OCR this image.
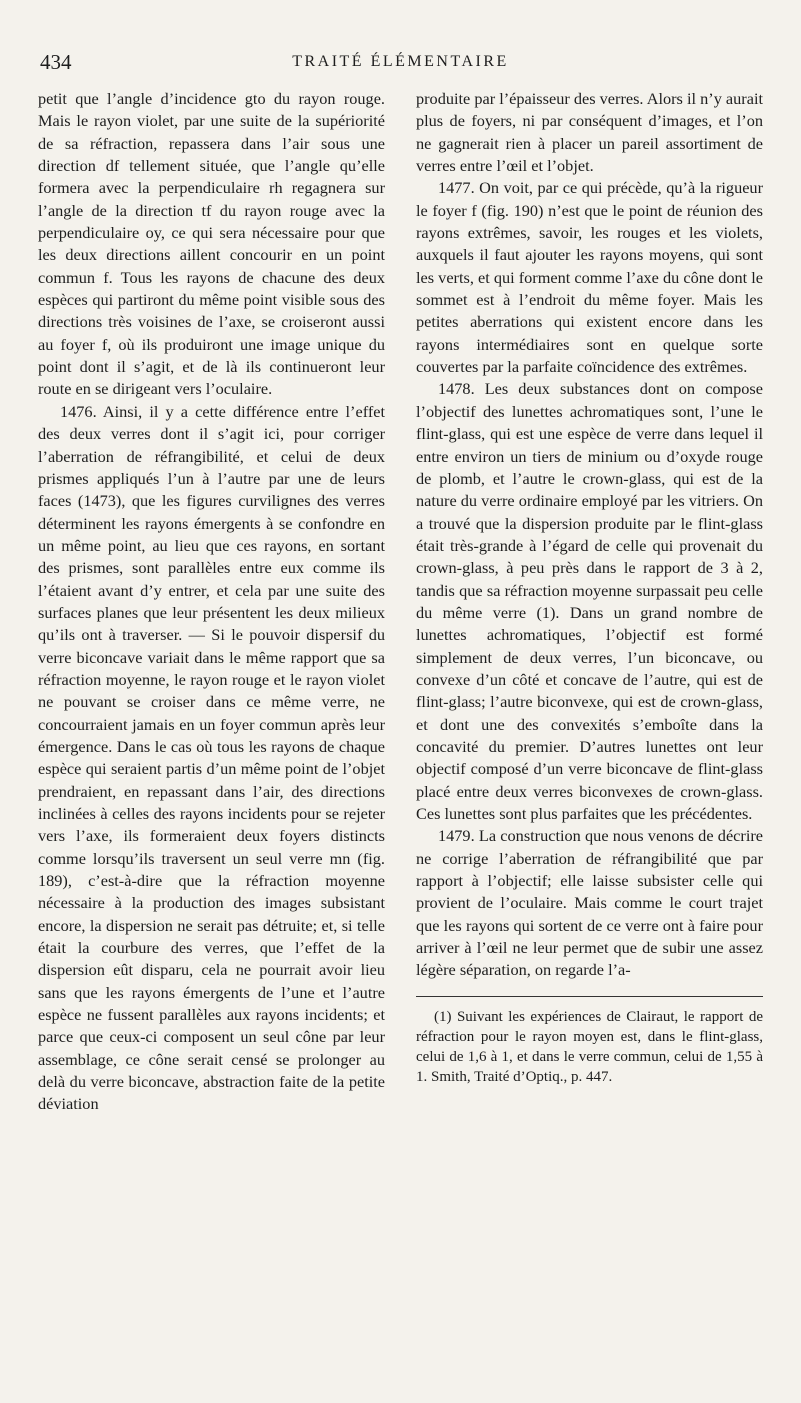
434	TRAITÉ ÉLÉMENTAIRE

petit que l’angle d’incidence gto du rayon rouge. Mais le rayon violet, par une suite de la supériorité de sa réfraction, repassera dans l’air sous une direction df tellement située, que l’angle qu’elle formera avec la perpendiculaire rh regagnera sur l’angle de la direction tf du rayon rouge avec la perpendiculaire oy, ce qui sera nécessaire pour que les deux directions aillent concourir en un point commun f. Tous les rayons de chacune des deux espèces qui partiront du même point visible sous des directions très voisines de l’axe, se croiseront aussi au foyer f, où ils produiront une image unique du point dont il s’agit, et de là ils continueront leur route en se dirigeant vers l’oculaire.

1476. Ainsi, il y a cette différence entre l’effet des deux verres dont il s’agit ici, pour corriger l’aberration de réfrangibilité, et celui de deux prismes appliqués l’un à l’autre par une de leurs faces (1473), que les figures curvilignes des verres déterminent les rayons émergents à se confondre en un même point, au lieu que ces rayons, en sortant des prismes, sont parallèles entre eux comme ils l’étaient avant d’y entrer, et cela par une suite des surfaces planes que leur présentent les deux milieux qu’ils ont à traverser. — Si le pouvoir dispersif du verre biconcave variait dans le même rapport que sa réfraction moyenne, le rayon rouge et le rayon violet ne pouvant se croiser dans ce même verre, ne concourraient jamais en un foyer commun après leur émergence. Dans le cas où tous les rayons de chaque espèce qui seraient partis d’un même point de l’objet prendraient, en repassant dans l’air, des directions inclinées à celles des rayons incidents pour se rejeter vers l’axe, ils formeraient deux foyers distincts comme lorsqu’ils traversent un seul verre mn (fig. 189), c’est-à-dire que la réfraction moyenne nécessaire à la production des images subsistant encore, la dispersion ne serait pas détruite; et, si telle était la courbure des verres, que l’effet de la dispersion eût disparu, cela ne pourrait avoir lieu sans que les rayons émergents de l’une et l’autre espèce ne fussent parallèles aux rayons incidents; et parce que ceux-ci composent un seul cône par leur assemblage, ce cône serait censé se prolonger au delà du verre biconcave, abstraction faite de la petite déviation

produite par l’épaisseur des verres. Alors il n’y aurait plus de foyers, ni par conséquent d’images, et l’on ne gagnerait rien à placer un pareil assortiment de verres entre l’œil et l’objet.

1477. On voit, par ce qui précède, qu’à la rigueur le foyer f (fig. 190) n’est que le point de réunion des rayons extrêmes, savoir, les rouges et les violets, auxquels il faut ajouter les rayons moyens, qui sont les verts, et qui forment comme l’axe du cône dont le sommet est à l’endroit du même foyer. Mais les petites aberrations qui existent encore dans les rayons intermédiaires sont en quelque sorte couvertes par la parfaite coïncidence des extrêmes.

1478. Les deux substances dont on compose l’objectif des lunettes achromatiques sont, l’une le flint-glass, qui est une espèce de verre dans lequel il entre environ un tiers de minium ou d’oxyde rouge de plomb, et l’autre le crown-glass, qui est de la nature du verre ordinaire employé par les vitriers. On a trouvé que la dispersion produite par le flint-glass était très-grande à l’égard de celle qui provenait du crown-glass, à peu près dans le rapport de 3 à 2, tandis que sa réfraction moyenne surpassait peu celle du même verre (1). Dans un grand nombre de lunettes achromatiques, l’objectif est formé simplement de deux verres, l’un biconcave, ou convexe d’un côté et concave de l’autre, qui est de flint-glass; l’autre biconvexe, qui est de crown-glass, et dont une des convexités s’emboîte dans la concavité du premier. D’autres lunettes ont leur objectif composé d’un verre biconcave de flint-glass placé entre deux verres biconvexes de crown-glass. Ces lunettes sont plus parfaites que les précédentes.

1479. La construction que nous venons de décrire ne corrige l’aberration de réfrangibilité que par rapport à l’objectif; elle laisse subsister celle qui provient de l’oculaire. Mais comme le court trajet que les rayons qui sortent de ce verre ont à faire pour arriver à l’œil ne leur permet que de subir une assez légère séparation, on regarde l’a-

(1) Suivant les expériences de Clairaut, le rapport de réfraction pour le rayon moyen est, dans le flint-glass, celui de 1,6 à 1, et dans le verre commun, celui de 1,55 à 1. Smith, Traité d’Optiq., p. 447.
